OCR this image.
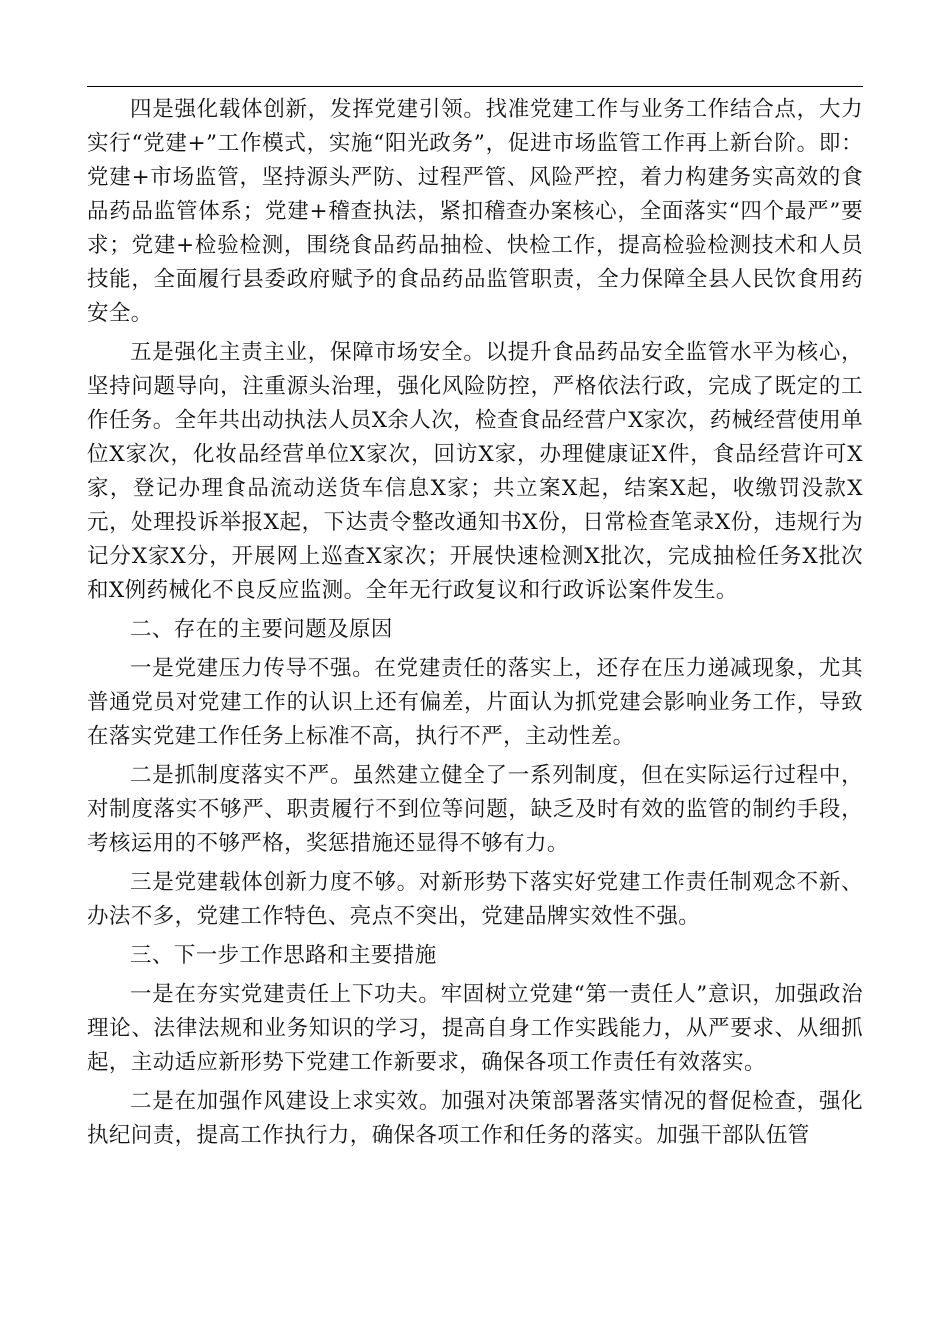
四是强化载体创新，发挥党建引领。找准党建工作与业务工作结合点，大力实行“党建+”工作模式，实施“阳光政务”，促进市场监管工作再上新台阶。即：党建+市场监管，坚持源头严防、过程严管、风险严控，着力构建务实高效的食品药品监管体系；党建+稽查执法，紧扣稽查办案核心，全面落实“四个最严”要求；党建+检验检测，围绕食品药品抽检、快检工作，提高检验检测技术和人员技能，全面履行县委政府赋予的食品药品监管职责，全力保障全县人民饮食用药安全。

五是强化主责主业，保障市场安全。以提升食品药品安全监管水平为核心，坚持问题导向，注重源头治理，强化风险防控，严格依法行政，完成了既定的工作任务。全年共出动执法人员X余人次，检查食品经营户X家次，药械经营使用单位X家次，化妆品经营单位X家次，回访X家，办理健康证X件，食品经营许可X家，登记办理食品流动送货车信息X家；共立案X起，结案X起，收缴罚没款X元，处理投诉举报X起，下达责令整改通知书X份，日常检查笔录X份，违规行为记分X家X分，开展网上巡查X家次；开展快速检测X批次，完成抽检任务X批次和X例药械化不良反应监测。全年无行政复议和行政诉讼案件发生。

二、存在的主要问题及原因

一是党建压力传导不强。在党建责任的落实上，还存在压力递减现象，尤其普通党员对党建工作的认识上还有偏差，片面认为抓党建会影响业务工作，导致在落实党建工作任务上标准不高，执行不严，主动性差。

二是抓制度落实不严。虽然建立健全了一系列制度，但在实际运行过程中，对制度落实不够严、职责履行不到位等问题，缺乏及时有效的监管的制约手段，考核运用的不够严格，奖惩措施还显得不够有力。

三是党建载体创新力度不够。对新形势下落实好党建工作责任制观念不新、办法不多，党建工作特色、亮点不突出，党建品牌实效性不强。

三、下一步工作思路和主要措施

一是在夯实党建责任上下功夫。牢固树立党建“第一责任人”意识，加强政治理论、法律法规和业务知识的学习，提高自身工作实践能力，从严要求、从细抓起，主动适应新形势下党建工作新要求，确保各项工作责任有效落实。

二是在加强作风建设上求实效。加强对决策部署落实情况的督促检查，强化执纪问责，提高工作执行力，确保各项工作和任务的落实。加强干部队伍管
